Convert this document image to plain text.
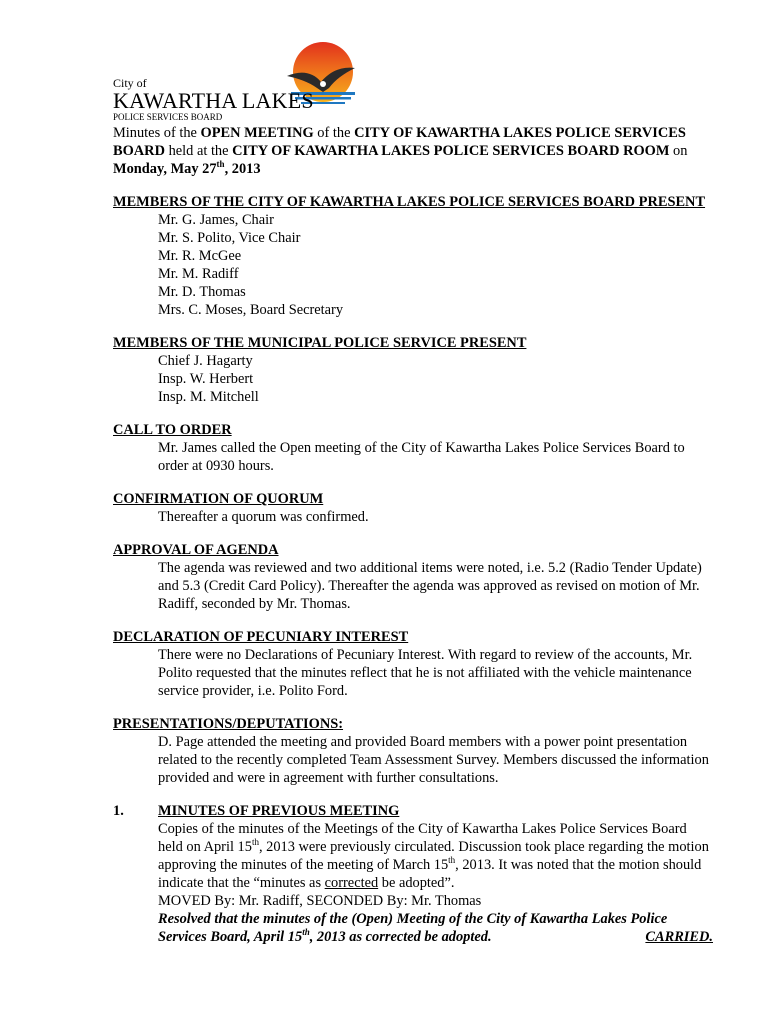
City of
KAWARTHA LAKES
POLICE SERVICES BOARD

Minutes of the OPEN MEETING of the CITY OF KAWARTHA LAKES POLICE SERVICES BOARD held at the CITY OF KAWARTHA LAKES POLICE SERVICES BOARD ROOM on Monday, May 27th, 2013

MEMBERS OF THE CITY OF KAWARTHA LAKES POLICE SERVICES BOARD PRESENT
Mr. G. James, Chair
Mr. S. Polito, Vice Chair
Mr. R. McGee
Mr. M. Radiff
Mr. D. Thomas
Mrs. C. Moses, Board Secretary
MEMBERS OF THE MUNICIPAL POLICE SERVICE PRESENT
Chief J. Hagarty
Insp. W. Herbert
Insp. M. Mitchell
CALL TO ORDER
Mr. James called the Open meeting of the City of Kawartha Lakes Police Services Board to order at 0930 hours.
CONFIRMATION OF QUORUM
Thereafter a quorum was confirmed.
APPROVAL OF AGENDA
The agenda was reviewed and two additional items were noted, i.e. 5.2 (Radio Tender Update) and 5.3 (Credit Card Policy). Thereafter the agenda was approved as revised on motion of Mr. Radiff, seconded by Mr. Thomas.
DECLARATION OF PECUNIARY INTEREST
There were no Declarations of Pecuniary Interest. With regard to review of the accounts, Mr. Polito requested that the minutes reflect that he is not affiliated with the vehicle maintenance service provider, i.e. Polito Ford.
PRESENTATIONS/DEPUTATIONS:
D. Page attended the meeting and provided Board members with a power point presentation related to the recently completed Team Assessment Survey. Members discussed the information provided and were in agreement with further consultations.
1.	MINUTES OF PREVIOUS MEETING
Copies of the minutes of the Meetings of the City of Kawartha Lakes Police Services Board held on April 15th, 2013 were previously circulated. Discussion took place regarding the motion approving the minutes of the meeting of March 15th, 2013. It was noted that the motion should indicate that the “minutes as corrected be adopted”.
MOVED By: Mr. Radiff, SECONDED By: Mr. Thomas
Resolved that the minutes of the (Open) Meeting of the City of Kawartha Lakes Police Services Board, April 15th, 2013 as corrected be adopted.	CARRIED.
